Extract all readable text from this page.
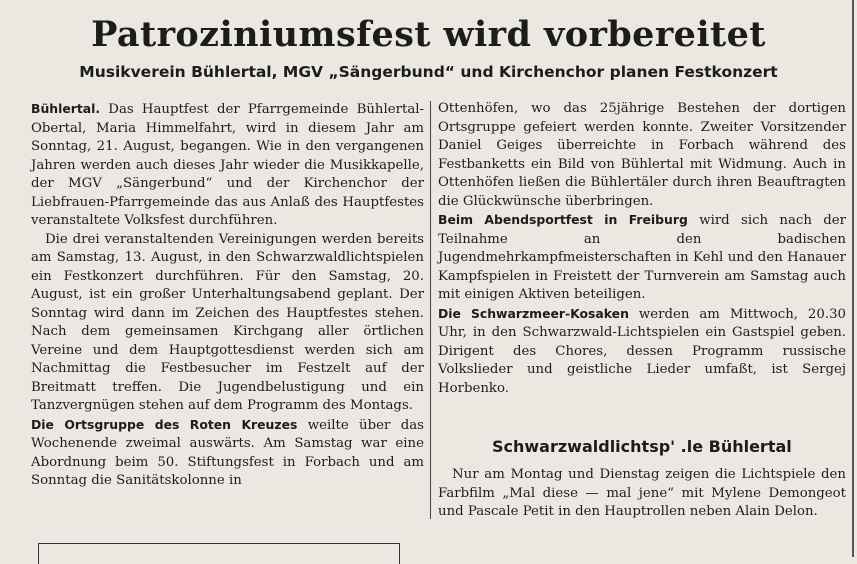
Patroziniumsfest wird vorbereitet
Musikverein Bühlertal, MGV „Sängerbund“ und Kirchenchor planen Festkonzert

Bühlertal. Das Hauptfest der Pfarrgemeinde Bühlertal-Obertal, Maria Himmelfahrt, wird in diesem Jahr am Sonntag, 21. August, begangen. Wie in den vergangenen Jahren werden auch dieses Jahr wieder die Musikkapelle, der MGV „Sängerbund“ und der Kirchenchor der Liebfrauen-Pfarrgemeinde das aus Anlaß des Hauptfestes veranstaltete Volksfest durchführen.

Die drei veranstaltenden Vereinigungen werden bereits am Samstag, 13. August, in den Schwarzwaldlichtspielen ein Festkonzert durchführen. Für den Samstag, 20. August, ist ein großer Unterhaltungsabend geplant. Der Sonntag wird dann im Zeichen des Hauptfestes stehen. Nach dem gemeinsamen Kirchgang aller örtlichen Vereine und dem Hauptgottesdienst werden sich am Nachmittag die Festbesucher im Festzelt auf der Breitmatt treffen. Die Jugendbelustigung und ein Tanzvergnügen stehen auf dem Programm des Montags.

Die Ortsgruppe des Roten Kreuzes weilte über das Wochenende zweimal auswärts. Am Samstag war eine Abordnung beim 50. Stiftungsfest in Forbach und am Sonntag die Sanitätskolonne in

Ottenhöfen, wo das 25jährige Bestehen der dortigen Ortsgruppe gefeiert werden konnte. Zweiter Vorsitzender Daniel Geiges überreichte in Forbach während des Festbanketts ein Bild von Bühlertal mit Widmung. Auch in Ottenhöfen ließen die Bühlertäler durch ihren Beauftragten die Glückwünsche überbringen.

Beim Abendsportfest in Freiburg wird sich nach der Teilnahme an den badischen Jugendmehrkampfmeisterschaften in Kehl und den Hanauer Kampfspielen in Freistett der Turnverein am Samstag auch mit einigen Aktiven beteiligen.

Die Schwarzmeer-Kosaken werden am Mittwoch, 20.30 Uhr, in den Schwarzwald-Lichtspielen ein Gastspiel geben. Dirigent des Chores, dessen Programm russische Volkslieder und geistliche Lieder umfaßt, ist Sergej Horbenko.

Schwarzwaldlichtsp' .le Bühlertal

Nur am Montag und Dienstag zeigen die Lichtspiele den Farbfilm „Mal diese — mal jene“ mit Mylene Demongeot und Pascale Petit in den Hauptrollen neben Alain Delon.
